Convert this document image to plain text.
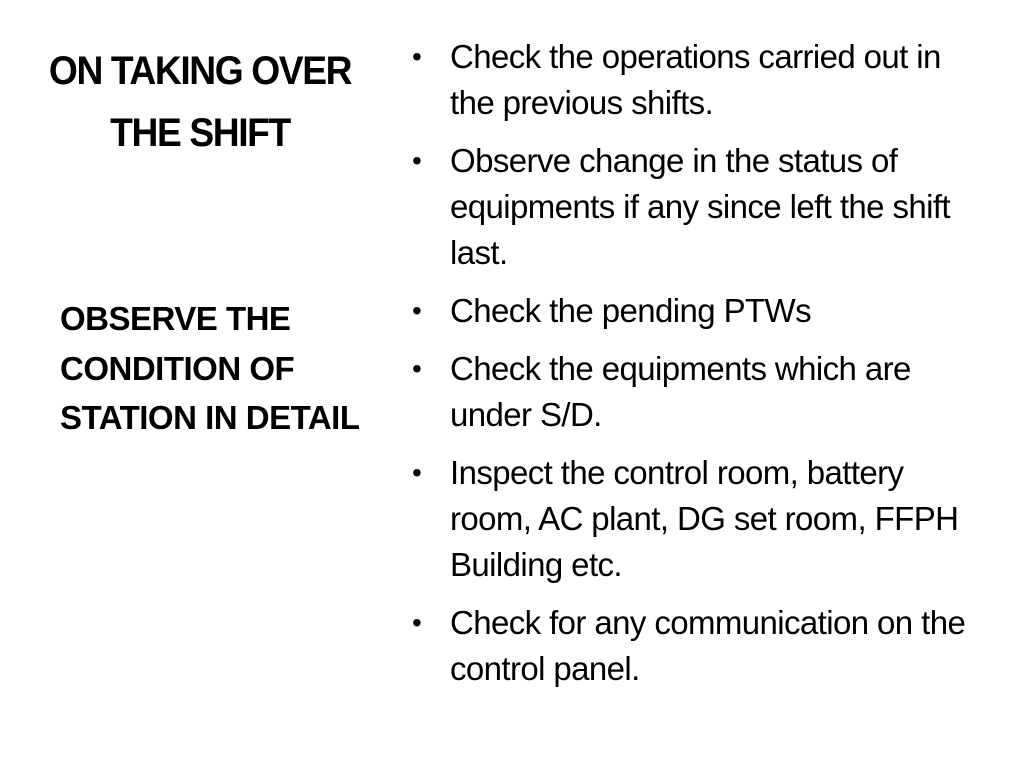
ON TAKING OVER THE SHIFT

OBSERVE THE CONDITION OF STATION IN DETAIL

• Check the operations carried out in the previous shifts.
• Observe change in the status of equipments if any since left the shift last.
• Check the pending PTWs
• Check the equipments which are under S/D.
• Inspect the control room, battery room, AC plant, DG set room, FFPH Building etc.
• Check for any communication on the control panel.
